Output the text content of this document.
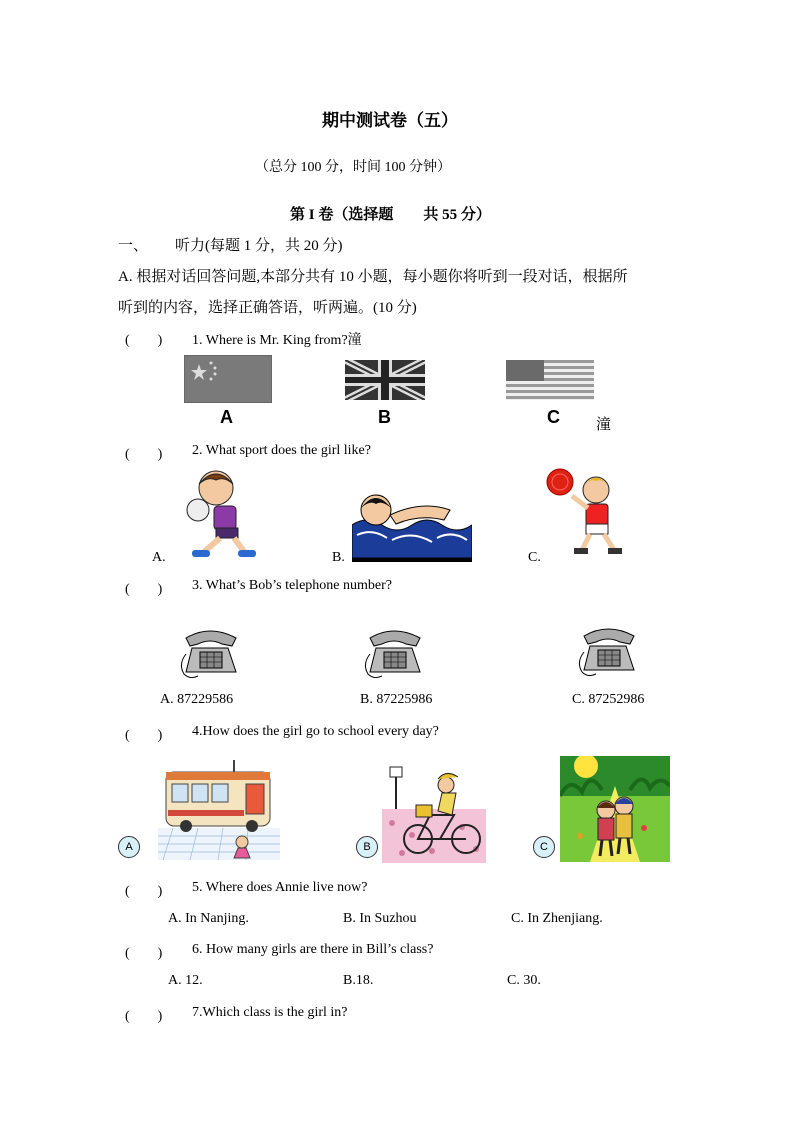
期中测试卷（五）
（总分 100 分，时间 100 分钟）
第 I 卷（选择题　　共 55 分）
一、 听力(每题 1 分，共 20 分)
A. 根据对话回答问题,本部分共有 10 小题，每小题你将听到一段对话，根据所
听到的内容，选择正确答语，听两遍。(10 分)
(　　) 1. Where is Mr. King from?潼
A	B	C 潼
(　　) 2. What sport does the girl like?
A.	B.	C.
(　　) 3. What’s Bob’s telephone number?
A. 87229586	B. 87225986	C. 87252986
(　　) 4.How does the girl go to school every day?
A	B	C
(　　) 5. Where does Annie live now?
A. In Nanjing.	B. In Suzhou	C. In Zhenjiang.
(　　) 6. How many girls are there in Bill’s class?
A. 12.	B.18.	C. 30.
(　　) 7.Which class is the girl in?
